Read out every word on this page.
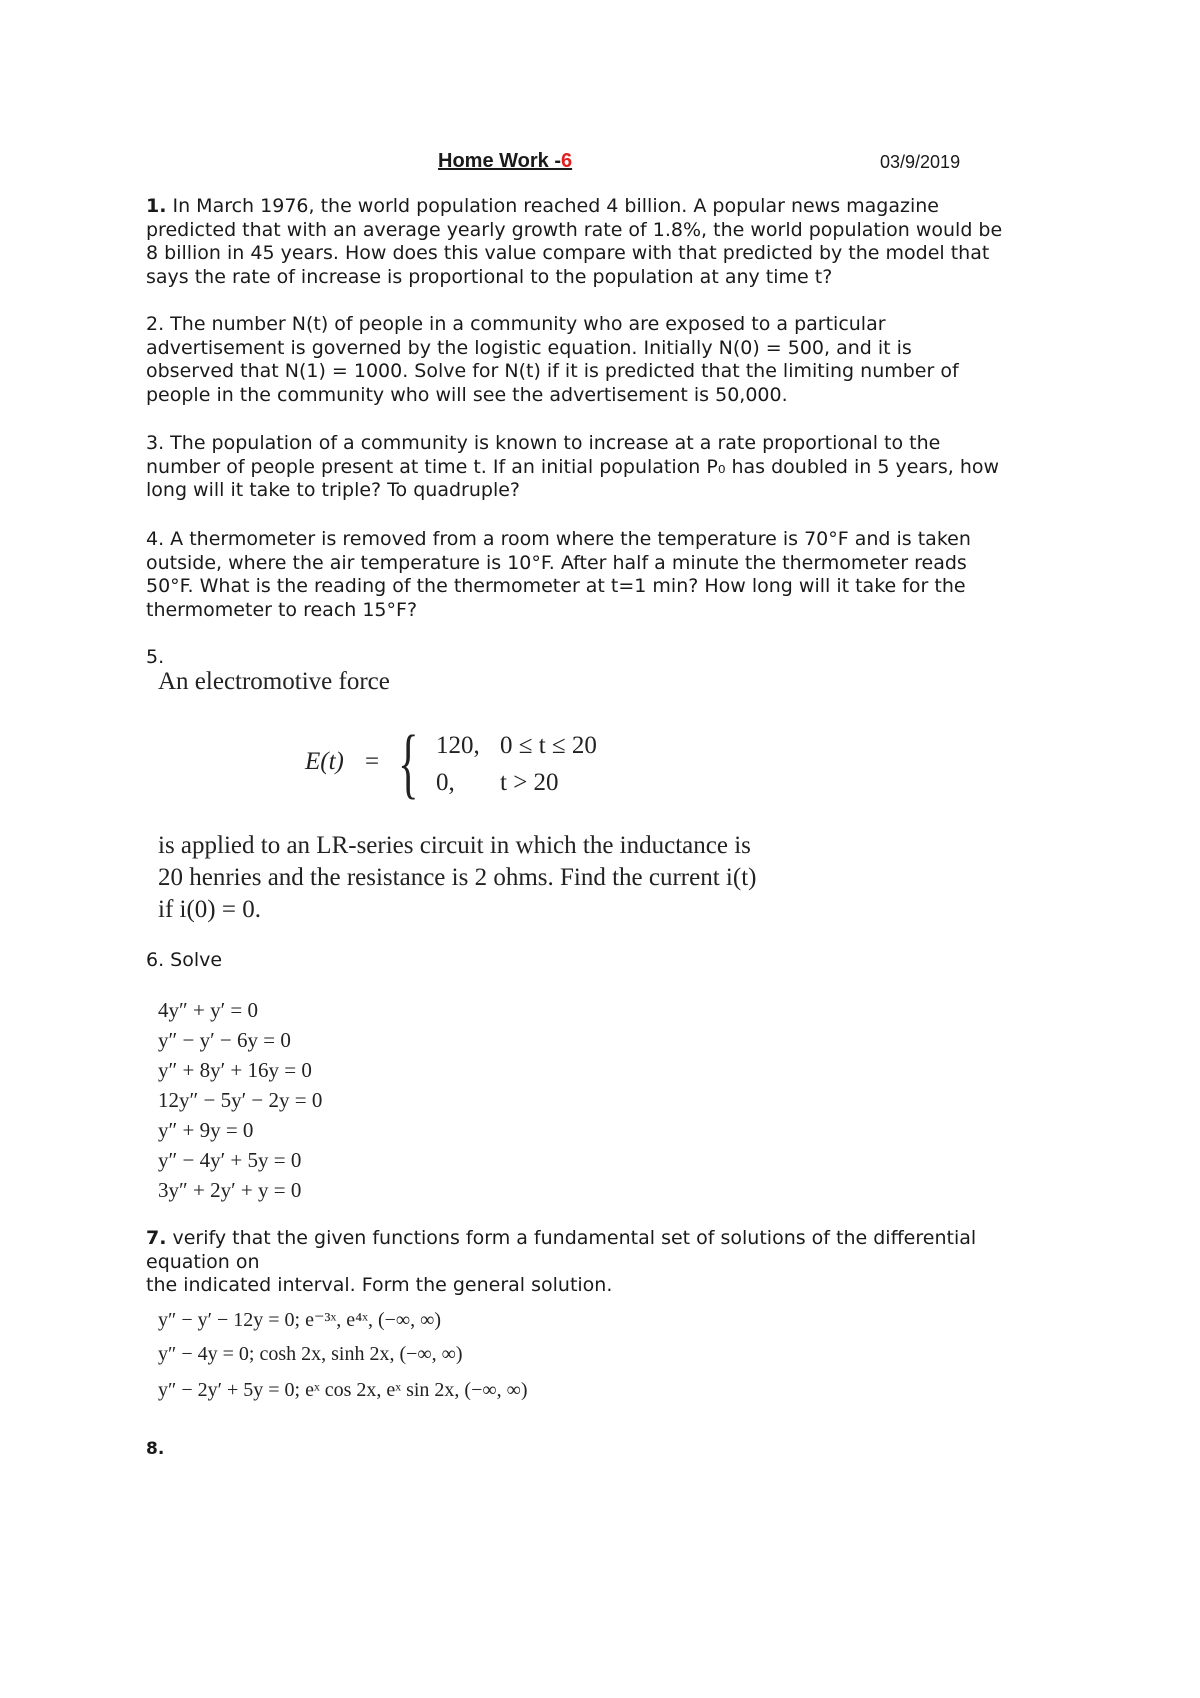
Home Work -6	03/9/2019
1. In March 1976, the world population reached 4 billion. A popular news magazine
predicted that with an average yearly growth rate of 1.8%, the world population would be
8 billion in 45 years. How does this value compare with that predicted by the model that
says the rate of increase is proportional to the population at any time t?
2. The number N(t) of people in a community who are exposed to a particular
advertisement is governed by the logistic equation. Initially N(0) = 500, and it is
observed that N(1) = 1000. Solve for N(t) if it is predicted that the limiting number of
people in the community who will see the advertisement is 50,000.
3. The population of a community is known to increase at a rate proportional to the
number of people present at time t. If an initial population P₀ has doubled in 5 years, how
long will it take to triple? To quadruple?
4. A thermometer is removed from a room where the temperature is 70°F and is taken
outside, where the air temperature is 10°F. After half a minute the thermometer reads
50°F. What is the reading of the thermometer at t=1 min? How long will it take for the
thermometer to reach 15°F?
5.
An electromotive force
E(t) = { 120, 0 ≤ t ≤ 20
0, t > 20
is applied to an LR-series circuit in which the inductance is
20 henries and the resistance is 2 ohms. Find the current i(t)
if i(0) = 0.
6. Solve
4y″ + y′ = 0
y″ − y′ − 6y = 0
y″ + 8y′ + 16y = 0
12y″ − 5y′ − 2y = 0
y″ + 9y = 0
y″ − 4y′ + 5y = 0
3y″ + 2y′ + y = 0
7. verify that the given functions form a fundamental set of solutions of the differential
equation on
the indicated interval. Form the general solution.
y″ − y′ − 12y = 0; e⁻³ˣ, e⁴ˣ, (−∞, ∞)
y″ − 4y = 0; cosh 2x, sinh 2x, (−∞, ∞)
y″ − 2y′ + 5y = 0; eˣ cos 2x, eˣ sin 2x, (−∞, ∞)
8.
